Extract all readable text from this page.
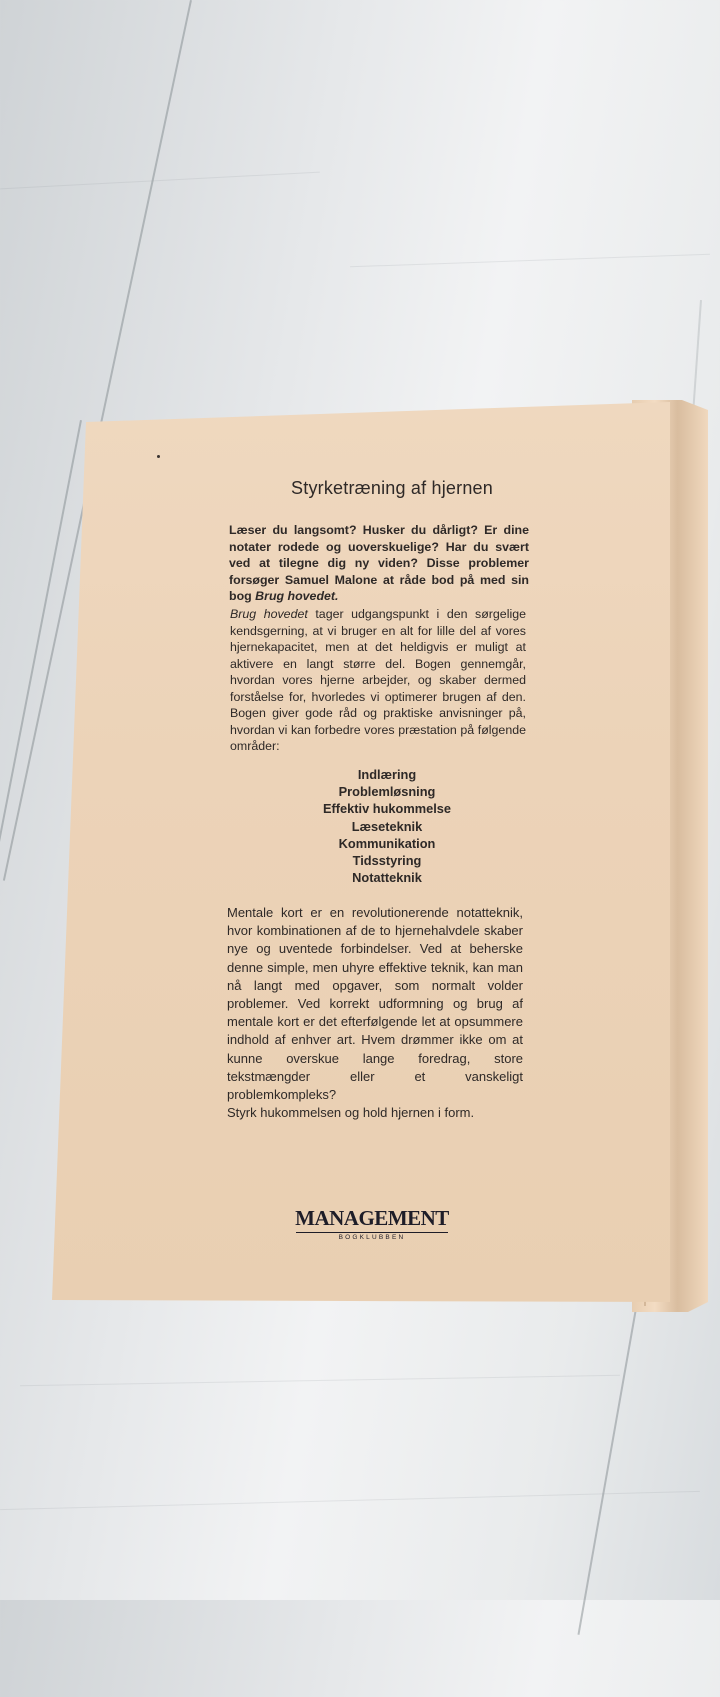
Styrketræning af hjernen

Læser du langsomt? Husker du dårligt? Er dine notater rodede og uoverskuelige? Har du svært ved at tilegne dig ny viden? Disse problemer forsøger Samuel Malone at råde bod på med sin bog Brug hovedet.

Brug hovedet tager udgangspunkt i den sørgelige kendsgerning, at vi bruger en alt for lille del af vores hjernekapacitet, men at det heldigvis er muligt at aktivere en langt større del. Bogen gennemgår, hvordan vores hjerne arbejder, og skaber dermed forståelse for, hvorledes vi optimerer brugen af den. Bogen giver gode råd og praktiske anvisninger på, hvordan vi kan forbedre vores præstation på følgende områder:

Indlæring
Problemløsning
Effektiv hukommelse
Læseteknik
Kommunikation
Tidsstyring
Notatteknik

Mentale kort er en revolutionerende notatteknik, hvor kombinationen af de to hjernehalvdele skaber nye og uventede forbindelser. Ved at beherske denne simple, men uhyre effektive teknik, kan man nå langt med opgaver, som normalt volder problemer. Ved korrekt udformning og brug af mentale kort er det efterfølgende let at opsummere indhold af enhver art. Hvem drømmer ikke om at kunne overskue lange foredrag, store tekstmængder eller et vanskeligt problemkompleks?
Styrk hukommelsen og hold hjernen i form.

MANAGEMENT
BOGKLUBBEN
